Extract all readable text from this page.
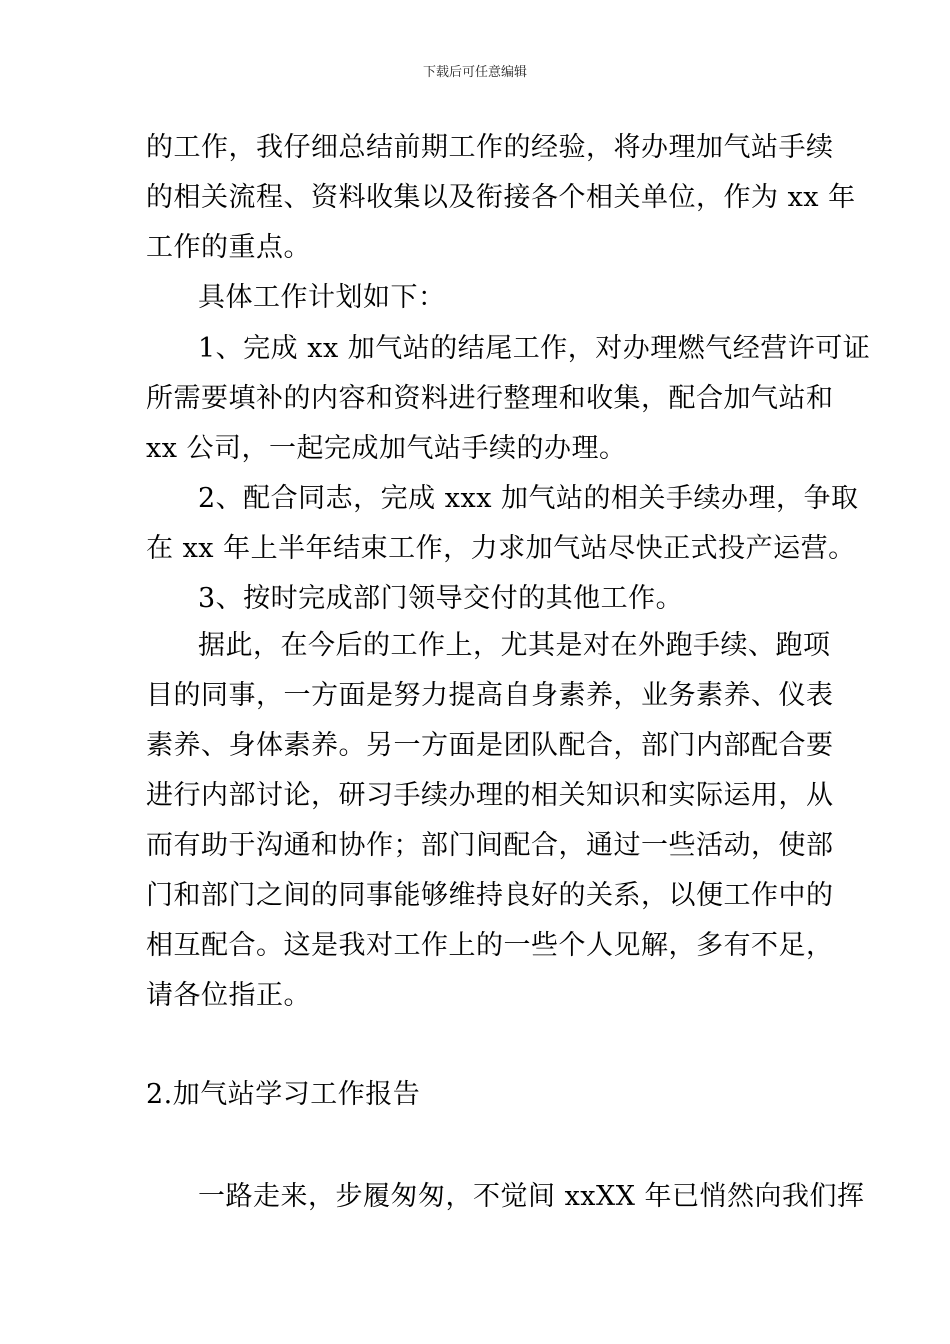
下载后可任意编辑
的工作，我仔细总结前期工作的经验，将办理加气站手续
的相关流程、资料收集以及衔接各个相关单位，作为 xx 年
工作的重点。
具体工作计划如下：
1、完成 xx 加气站的结尾工作，对办理燃气经营许可证
所需要填补的内容和资料进行整理和收集，配合加气站和
xx 公司，一起完成加气站手续的办理。
2、配合同志，完成 xxx 加气站的相关手续办理，争取
在 xx 年上半年结束工作，力求加气站尽快正式投产运营。
3、按时完成部门领导交付的其他工作。
据此，在今后的工作上，尤其是对在外跑手续、跑项
目的同事，一方面是努力提高自身素养，业务素养、仪表
素养、身体素养。另一方面是团队配合，部门内部配合要
进行内部讨论，研习手续办理的相关知识和实际运用，从
而有助于沟通和协作；部门间配合，通过一些活动，使部
门和部门之间的同事能够维持良好的关系，以便工作中的
相互配合。这是我对工作上的一些个人见解，多有不足，
请各位指正。
2.加气站学习工作报告
一路走来，步履匆匆，不觉间 xxXX 年已悄然向我们挥
